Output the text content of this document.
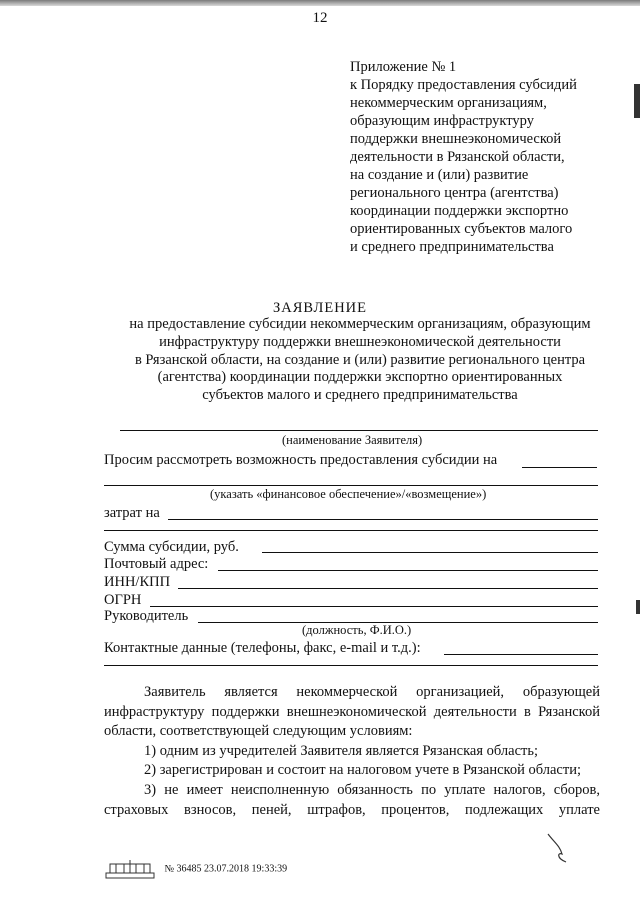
12
Приложение № 1
к Порядку предоставления субсидий
некоммерческим организациям,
образующим инфраструктуру
поддержки внешнеэкономической
деятельности в Рязанской области,
на создание и (или) развитие
регионального центра (агентства)
координации поддержки экспортно
ориентированных субъектов малого
и среднего предпринимательства
ЗАЯВЛЕНИЕ
на предоставление субсидии некоммерческим организациям, образующим
инфраструктуру поддержки внешнеэкономической деятельности
в Рязанской области, на создание и (или) развитие регионального центра
(агентства) координации поддержки экспортно ориентированных
субъектов малого и среднего предпринимательства
(наименование Заявителя)
Просим рассмотреть возможность предоставления субсидии на
(указать «финансовое обеспечение»/«возмещение»)
затрат на
Сумма субсидии, руб.
Почтовый адрес:
ИНН/КПП
ОГРН
Руководитель
(должность, Ф.И.О.)
Контактные данные (телефоны, факс, e-mail и т.д.):
Заявитель является некоммерческой организацией, образующей
инфраструктуру поддержки внешнеэкономической деятельности в Рязанской
области, соответствующей следующим условиям:
1) одним из учредителей Заявителя является Рязанская область;
2) зарегистрирован и состоит на налоговом учете в Рязанской области;
3) не имеет неисполненную обязанность по уплате налогов, сборов,
страховых взносов, пеней, штрафов, процентов, подлежащих уплате
№ 36485 23.07.2018 19:33:39
